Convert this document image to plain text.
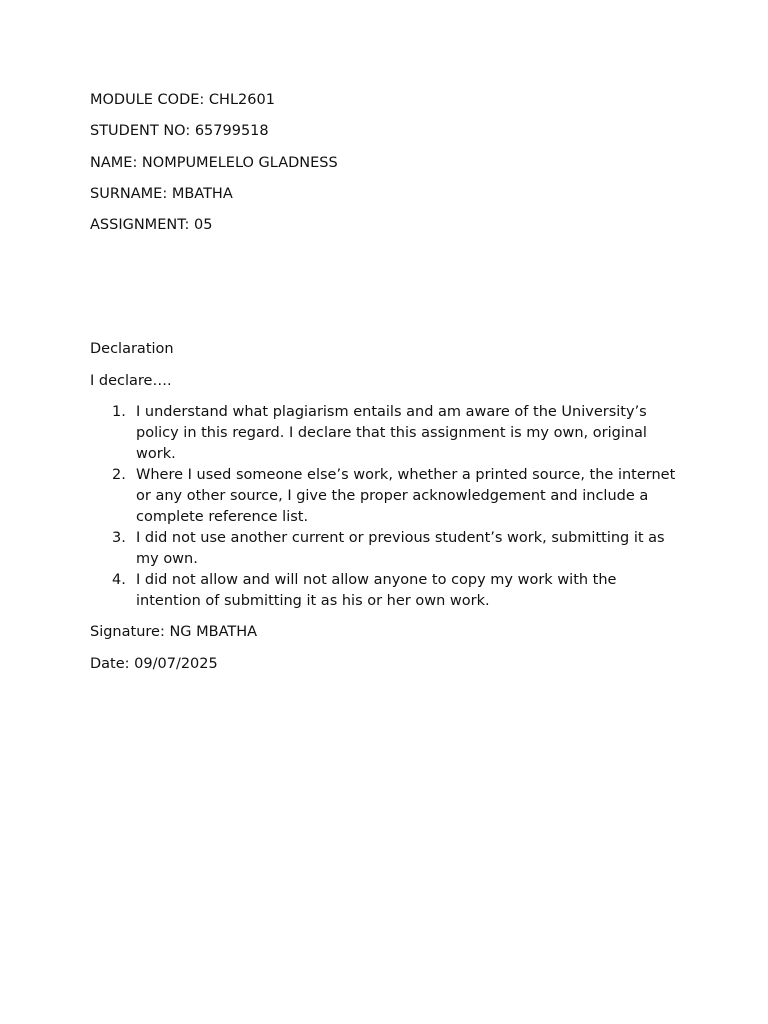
MODULE CODE: CHL2601

STUDENT NO: 65799518

NAME: NOMPUMELELO GLADNESS

SURNAME: MBATHA

ASSIGNMENT: 05

Declaration

I declare….

1. I understand what plagiarism entails and am aware of the University’s policy in this regard. I declare that this assignment is my own, original work.
2. Where I used someone else’s work, whether a printed source, the internet or any other source, I give the proper acknowledgement and include a complete reference list.
3. I did not use another current or previous student’s work, submitting it as my own.
4. I did not allow and will not allow anyone to copy my work with the intention of submitting it as his or her own work.

Signature: NG MBATHA

Date: 09/07/2025
